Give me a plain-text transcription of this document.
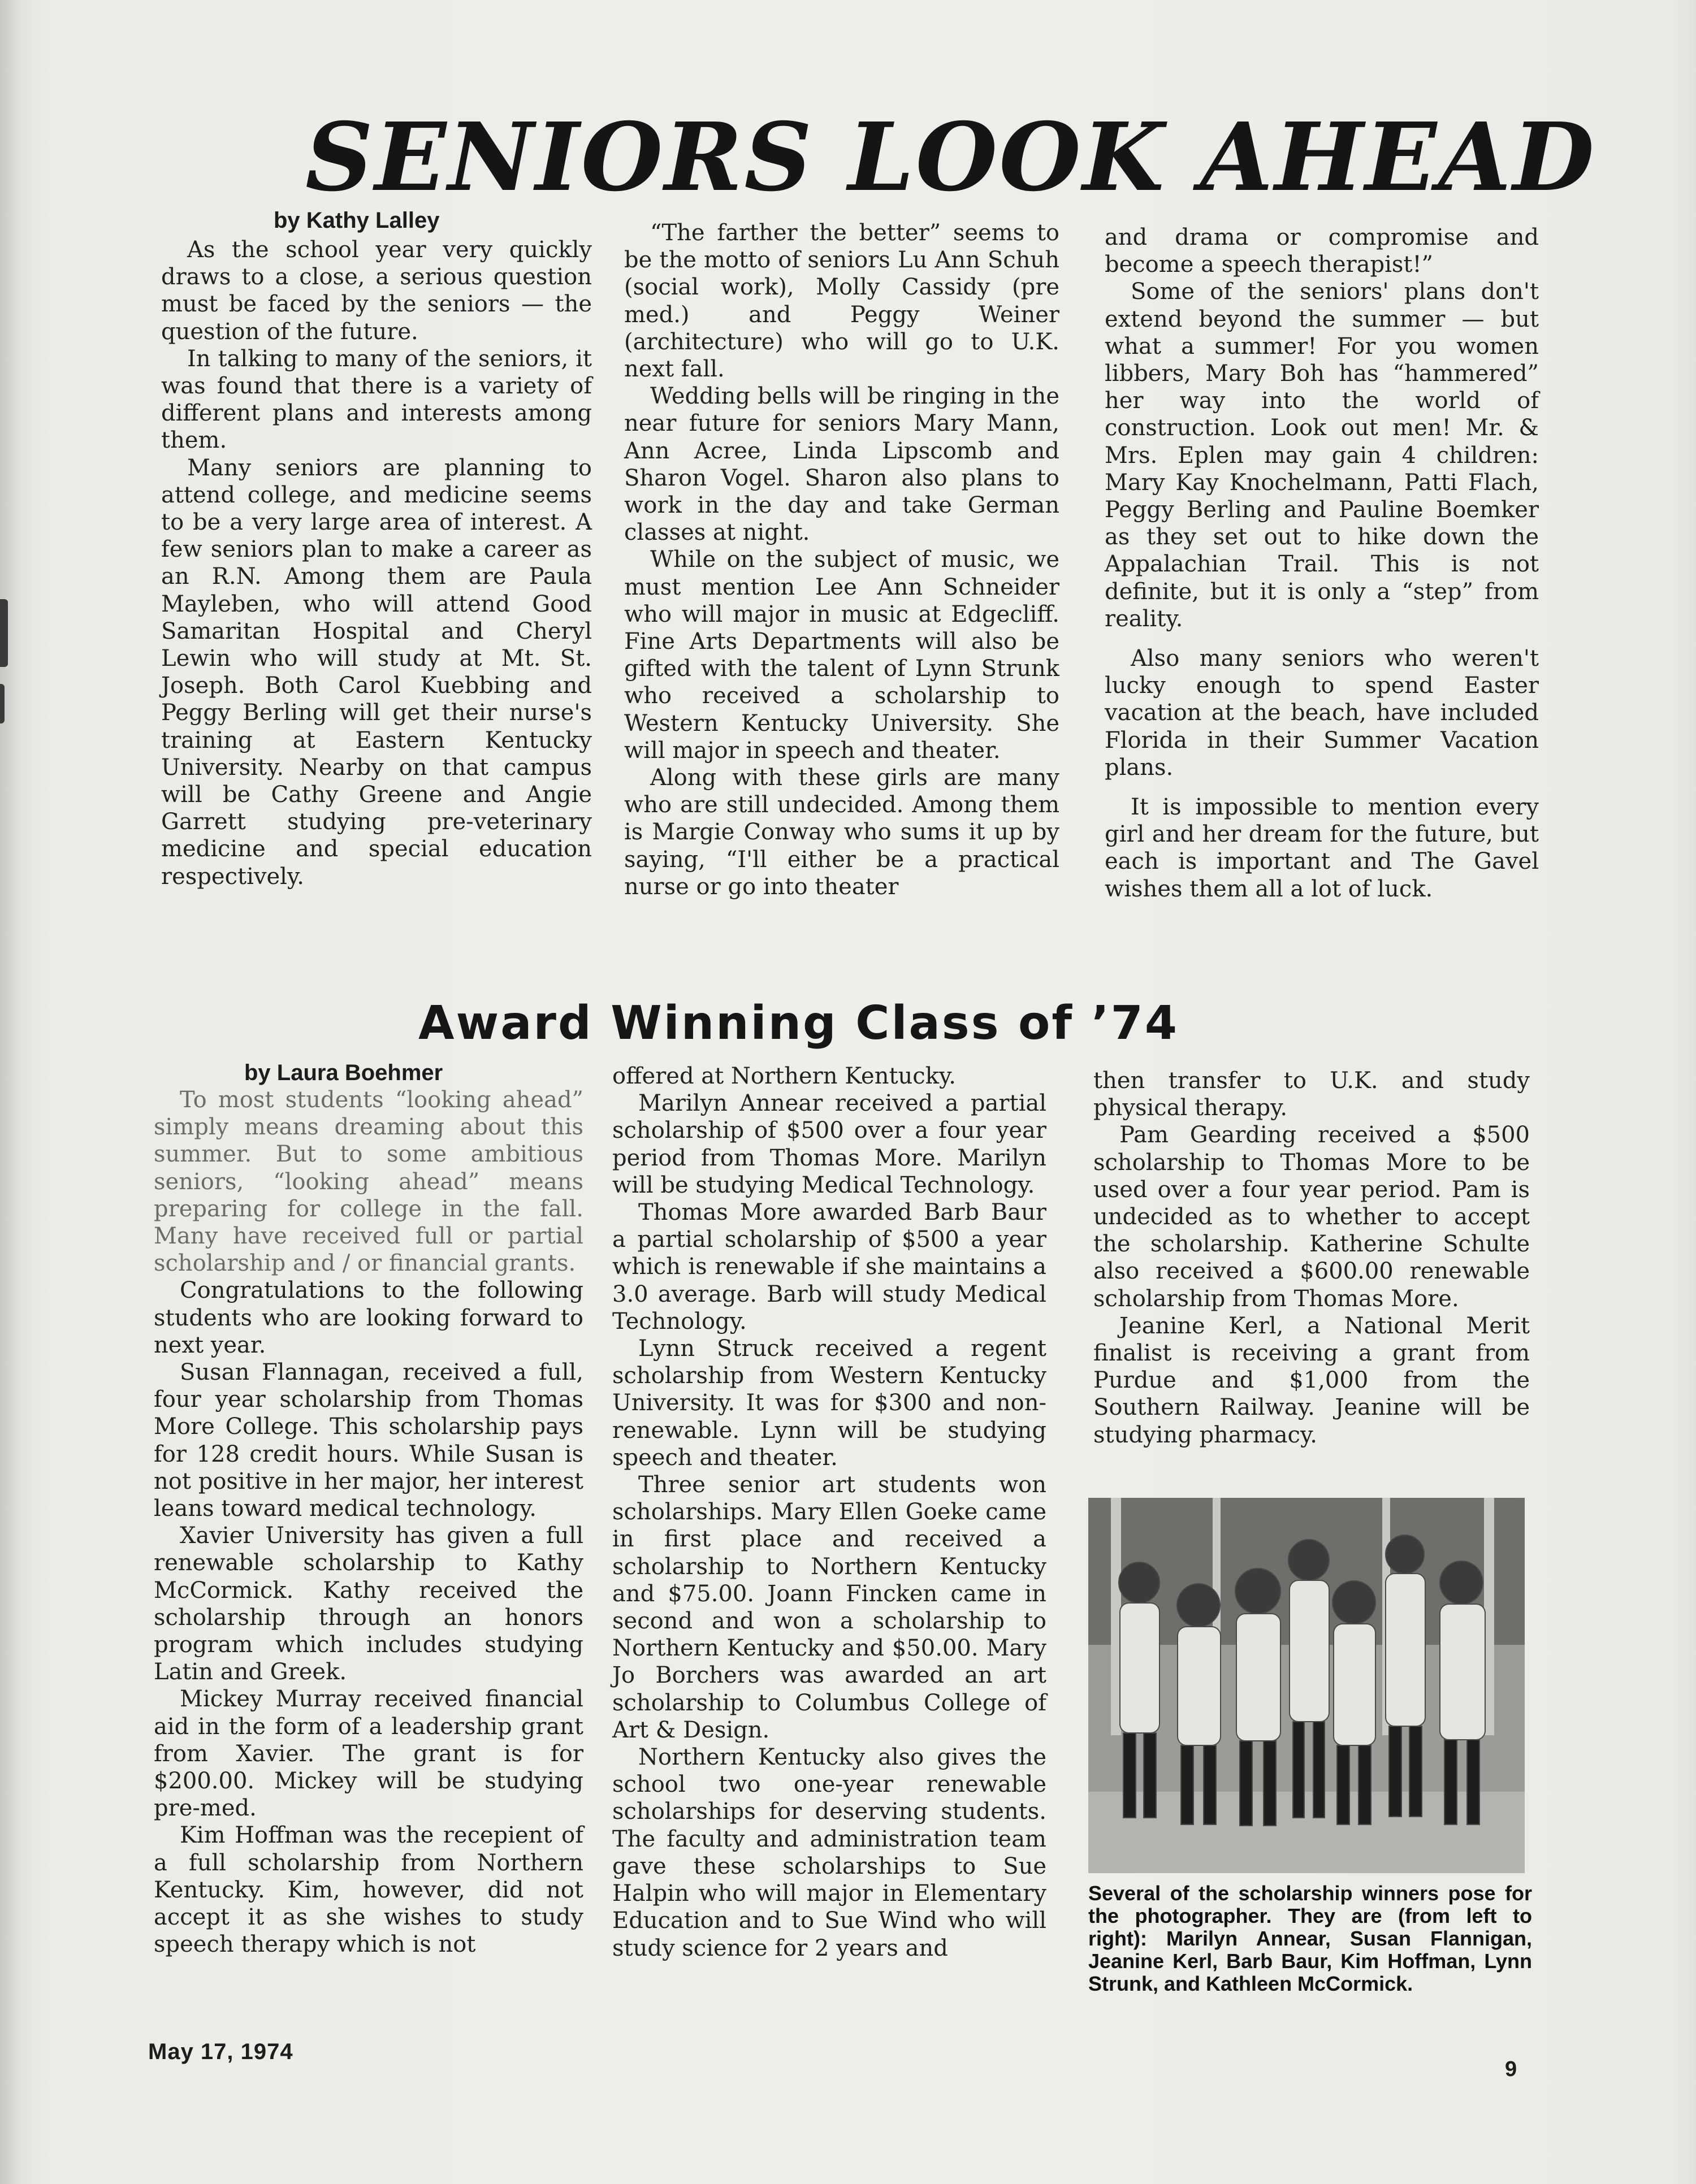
SENIORS LOOK AHEAD
by Kathy Lalley

As the school year very quickly draws to a close, a serious question must be faced by the seniors — the question of the future.

In talking to many of the seniors, it was found that there is a variety of different plans and interests among them.

Many seniors are planning to attend college, and medicine seems to be a very large area of interest. A few seniors plan to make a career as an R.N. Among them are Paula Mayleben, who will attend Good Samaritan Hospital and Cheryl Lewin who will study at Mt. St. Joseph. Both Carol Kuebbing and Peggy Berling will get their nurse's training at Eastern Kentucky University. Nearby on that campus will be Cathy Greene and Angie Garrett studying pre-veterinary medicine and special education respectively.

“The farther the better” seems to be the motto of seniors Lu Ann Schuh (social work), Molly Cassidy (pre med.) and Peggy Weiner (architecture) who will go to U.K. next fall.

Wedding bells will be ringing in the near future for seniors Mary Mann, Ann Acree, Linda Lipscomb and Sharon Vogel. Sharon also plans to work in the day and take German classes at night.

While on the subject of music, we must mention Lee Ann Schneider who will major in music at Edgecliff. Fine Arts Departments will also be gifted with the talent of Lynn Strunk who received a scholarship to Western Kentucky University. She will major in speech and theater.

Along with these girls are many who are still undecided. Among them is Margie Conway who sums it up by saying, “I'll either be a practical nurse or go into theater

and drama or compromise and become a speech therapist!”

Some of the seniors' plans don't extend beyond the summer — but what a summer! For you women libbers, Mary Boh has “hammered” her way into the world of construction. Look out men! Mr. & Mrs. Eplen may gain 4 children: Mary Kay Knochelmann, Patti Flach, Peggy Berling and Pauline Boemker as they set out to hike down the Appalachian Trail. This is not definite, but it is only a “step” from reality.

Also many seniors who weren't lucky enough to spend Easter vacation at the beach, have included Florida in their Summer Vacation plans.

It is impossible to mention every girl and her dream for the future, but each is important and The Gavel wishes them all a lot of luck.

Award Winning Class of ’74
by Laura Boehmer

To most students “looking ahead” simply means dreaming about this summer. But to some ambitious seniors, “looking ahead” means preparing for college in the fall. Many have received full or partial scholarship and / or financial grants.

Congratulations to the following students who are looking forward to next year.

Susan Flannagan, received a full, four year scholarship from Thomas More College. This scholarship pays for 128 credit hours. While Susan is not positive in her major, her interest leans toward medical technology.

Xavier University has given a full renewable scholarship to Kathy McCormick. Kathy received the scholarship through an honors program which includes studying Latin and Greek.

Mickey Murray received financial aid in the form of a leadership grant from Xavier. The grant is for $200.00. Mickey will be studying pre-med.

Kim Hoffman was the recepient of a full scholarship from Northern Kentucky. Kim, however, did not accept it as she wishes to study speech therapy which is not

offered at Northern Kentucky.

Marilyn Annear received a partial scholarship of $500 over a four year period from Thomas More. Marilyn will be studying Medical Technology.

Thomas More awarded Barb Baur a partial scholarship of $500 a year which is renewable if she maintains a 3.0 average. Barb will study Medical Technology.

Lynn Struck received a regent scholarship from Western Kentucky University. It was for $300 and non-renewable. Lynn will be studying speech and theater.

Three senior art students won scholarships. Mary Ellen Goeke came in first place and received a scholarship to Northern Kentucky and $75.00. Joann Fincken came in second and won a scholarship to Northern Kentucky and $50.00. Mary Jo Borchers was awarded an art scholarship to Columbus College of Art & Design.

Northern Kentucky also gives the school two one-year renewable scholarships for deserving students. The faculty and administration team gave these scholarships to Sue Halpin who will major in Elementary Education and to Sue Wind who will study science for 2 years and

then transfer to U.K. and study physical therapy.

Pam Gearding received a $500 scholarship to Thomas More to be used over a four year period. Pam is undecided as to whether to accept the scholarship. Katherine Schulte also received a $600.00 renewable scholarship from Thomas More.

Jeanine Kerl, a National Merit finalist is receiving a grant from Purdue and $1,000 from the Southern Railway. Jeanine will be studying pharmacy.

Several of the scholarship winners pose for the photographer. They are (from left to right): Marilyn Annear, Susan Flannigan, Jeanine Kerl, Barb Baur, Kim Hoffman, Lynn Strunk, and Kathleen McCormick.
May 17, 1974
9
